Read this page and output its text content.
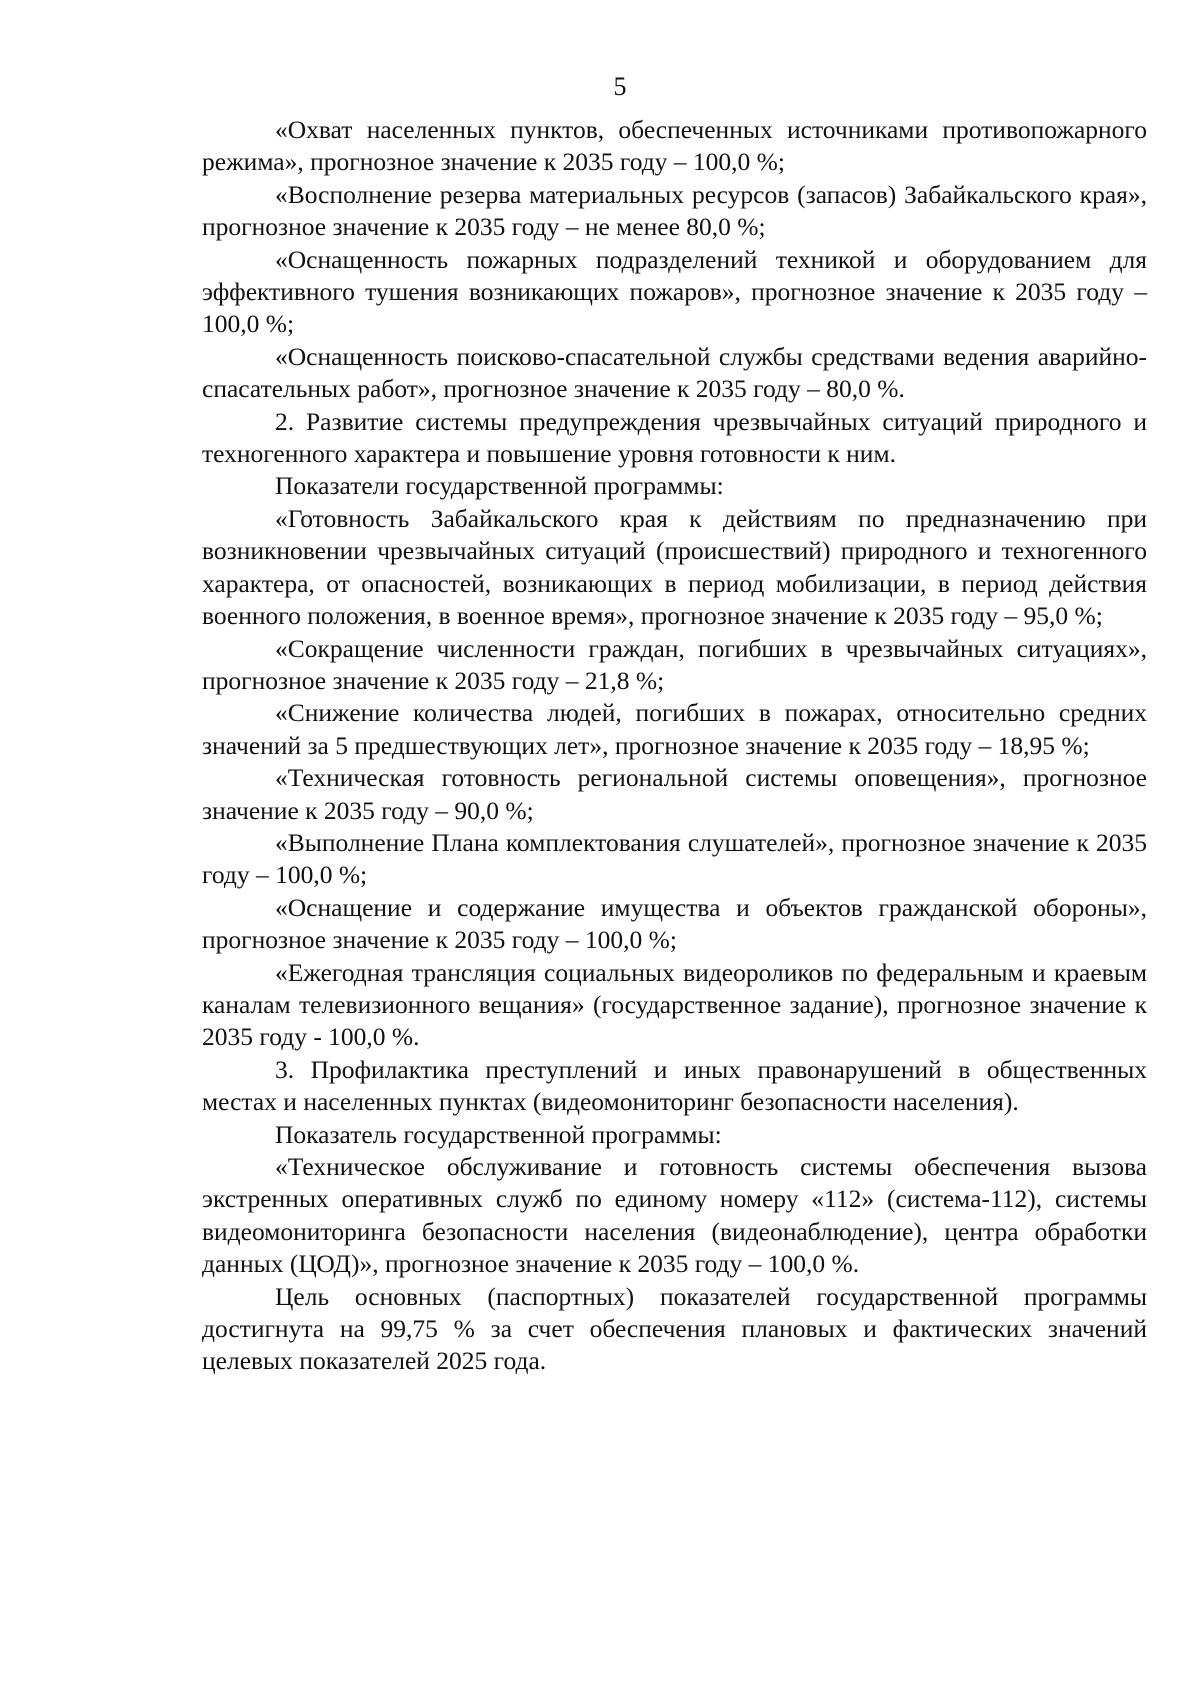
5

«Охват населенных пунктов, обеспеченных источниками противопожарного режима», прогнозное значение к 2035 году – 100,0 %;

«Восполнение резерва материальных ресурсов (запасов) Забайкальского края», прогнозное значение к 2035 году – не менее 80,0 %;

«Оснащенность пожарных подразделений техникой и оборудованием для эффективного тушения возникающих пожаров», прогнозное значение к 2035 году – 100,0 %;

«Оснащенность поисково-спасательной службы средствами ведения аварийно-спасательных работ», прогнозное значение к 2035 году – 80,0 %.

2. Развитие системы предупреждения чрезвычайных ситуаций природного и техногенного характера и повышение уровня готовности к ним.

Показатели государственной программы:

«Готовность Забайкальского края к действиям по предназначению при возникновении чрезвычайных ситуаций (происшествий) природного и техногенного характера, от опасностей, возникающих в период мобилизации, в период действия военного положения, в военное время», прогнозное значение к 2035 году – 95,0 %;

«Сокращение численности граждан, погибших в чрезвычайных ситуациях», прогнозное значение к 2035 году – 21,8 %;

«Снижение количества людей, погибших в пожарах, относительно средних значений за 5 предшествующих лет», прогнозное значение к 2035 году – 18,95 %;

«Техническая готовность региональной системы оповещения», прогнозное значение к 2035 году – 90,0 %;

«Выполнение Плана комплектования слушателей», прогнозное значение к 2035 году – 100,0 %;

«Оснащение и содержание имущества и объектов гражданской обороны», прогнозное значение к 2035 году – 100,0 %;

«Ежегодная трансляция социальных видеороликов по федеральным и краевым каналам телевизионного вещания» (государственное задание), прогнозное значение к 2035 году - 100,0 %.

3. Профилактика преступлений и иных правонарушений в общественных местах и населенных пунктах (видеомониторинг безопасности населения).

Показатель государственной программы:

«Техническое обслуживание и готовность системы обеспечения вызова экстренных оперативных служб по единому номеру «112» (система-112), системы видеомониторинга безопасности населения (видеонаблюдение), центра обработки данных (ЦОД)», прогнозное значение к 2035 году – 100,0 %.

Цель основных (паспортных) показателей государственной программы достигнута на 99,75 % за счет обеспечения плановых и фактических значений целевых показателей 2025 года.
